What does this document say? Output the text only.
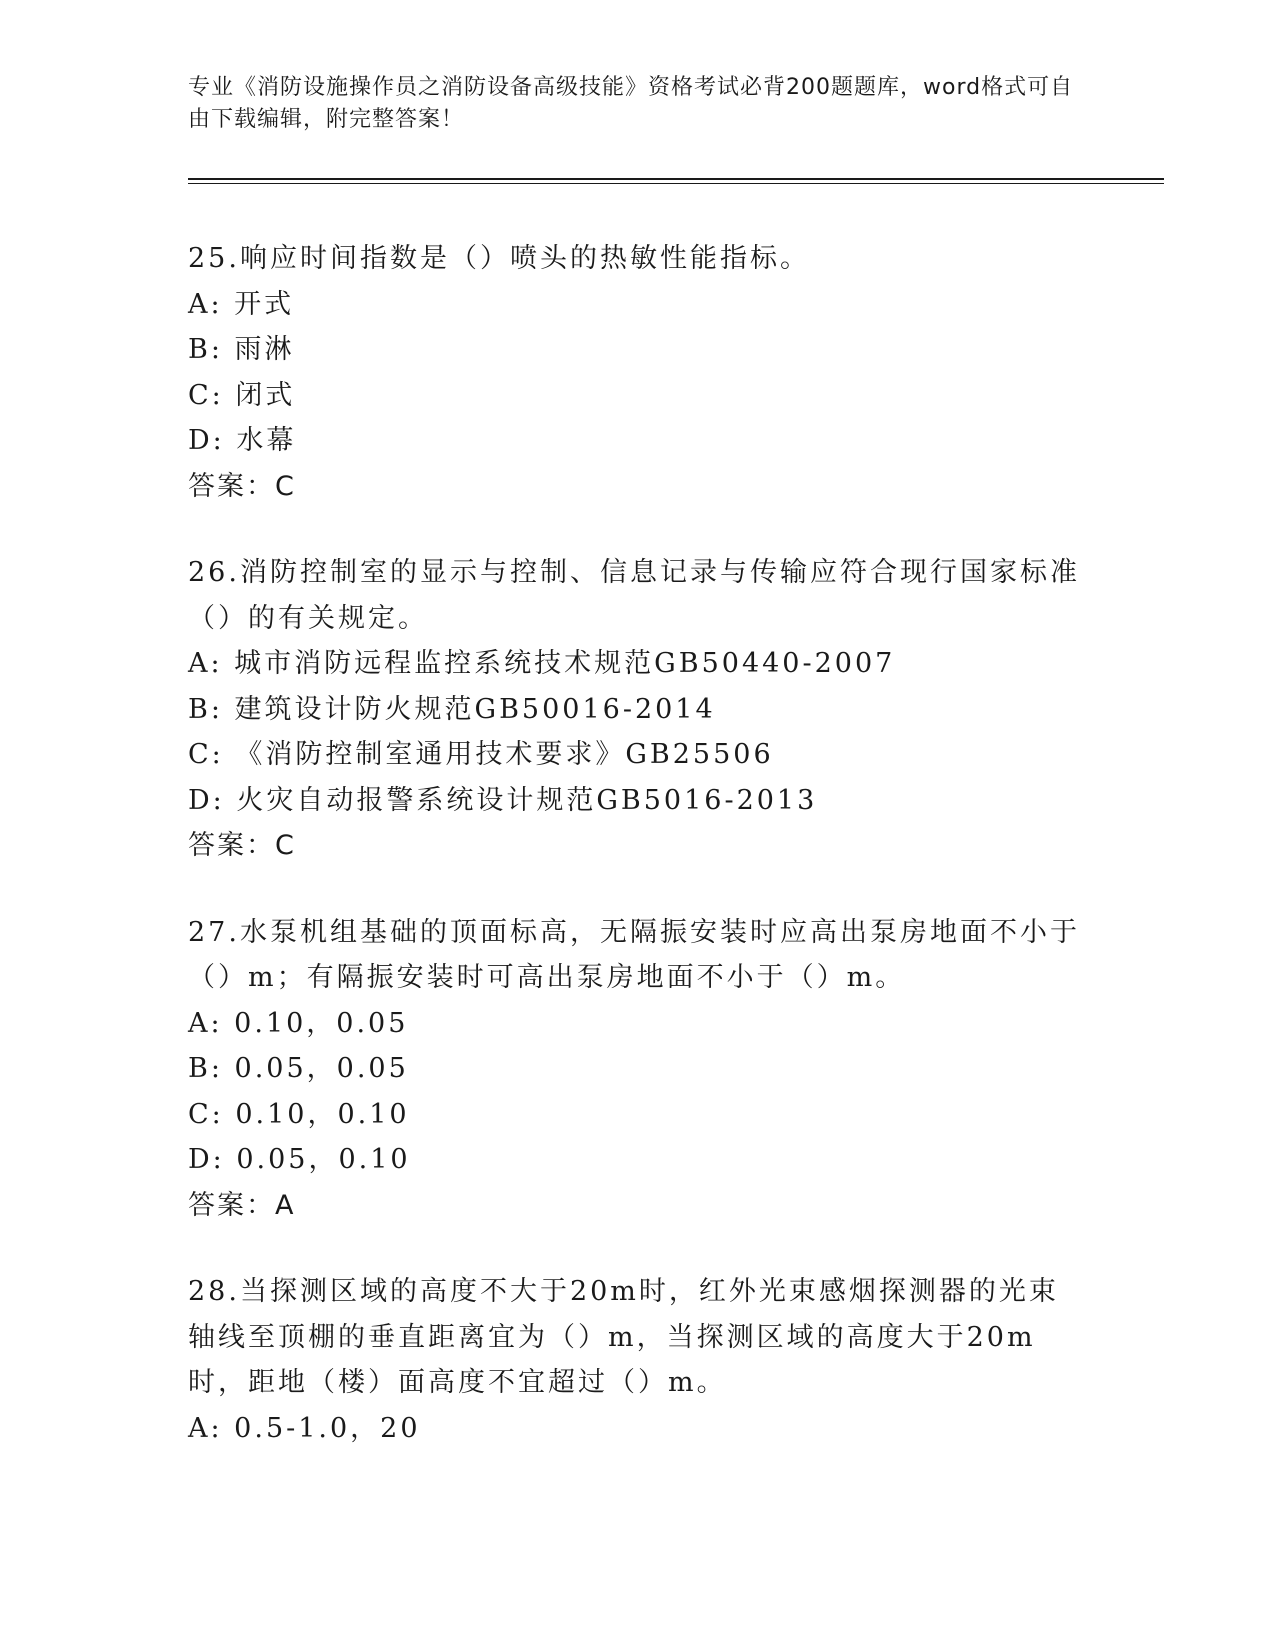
专业《消防设施操作员之消防设备高级技能》资格考试必背200题题库，word格式可自由下载编辑，附完整答案！

25.响应时间指数是（）喷头的热敏性能指标。

A: 开式

B: 雨淋

C: 闭式

D: 水幕

答案：C

26.消防控制室的显示与控制、信息记录与传输应符合现行国家标准（）的有关规定。

A: 城市消防远程监控系统技术规范GB50440-2007

B: 建筑设计防火规范GB50016-2014

C: 《消防控制室通用技术要求》GB25506

D: 火灾自动报警系统设计规范GB5016-2013

答案：C

27.水泵机组基础的顶面标高，无隔振安装时应高出泵房地面不小于（）m；有隔振安装时可高出泵房地面不小于（）m。

A: 0.10，0.05

B: 0.05，0.05

C: 0.10，0.10

D: 0.05，0.10

答案：A

28.当探测区域的高度不大于20m时，红外光束感烟探测器的光束轴线至顶棚的垂直距离宜为（）m，当探测区域的高度大于20m时，距地（楼）面高度不宜超过（）m。

A: 0.5-1.0，20
